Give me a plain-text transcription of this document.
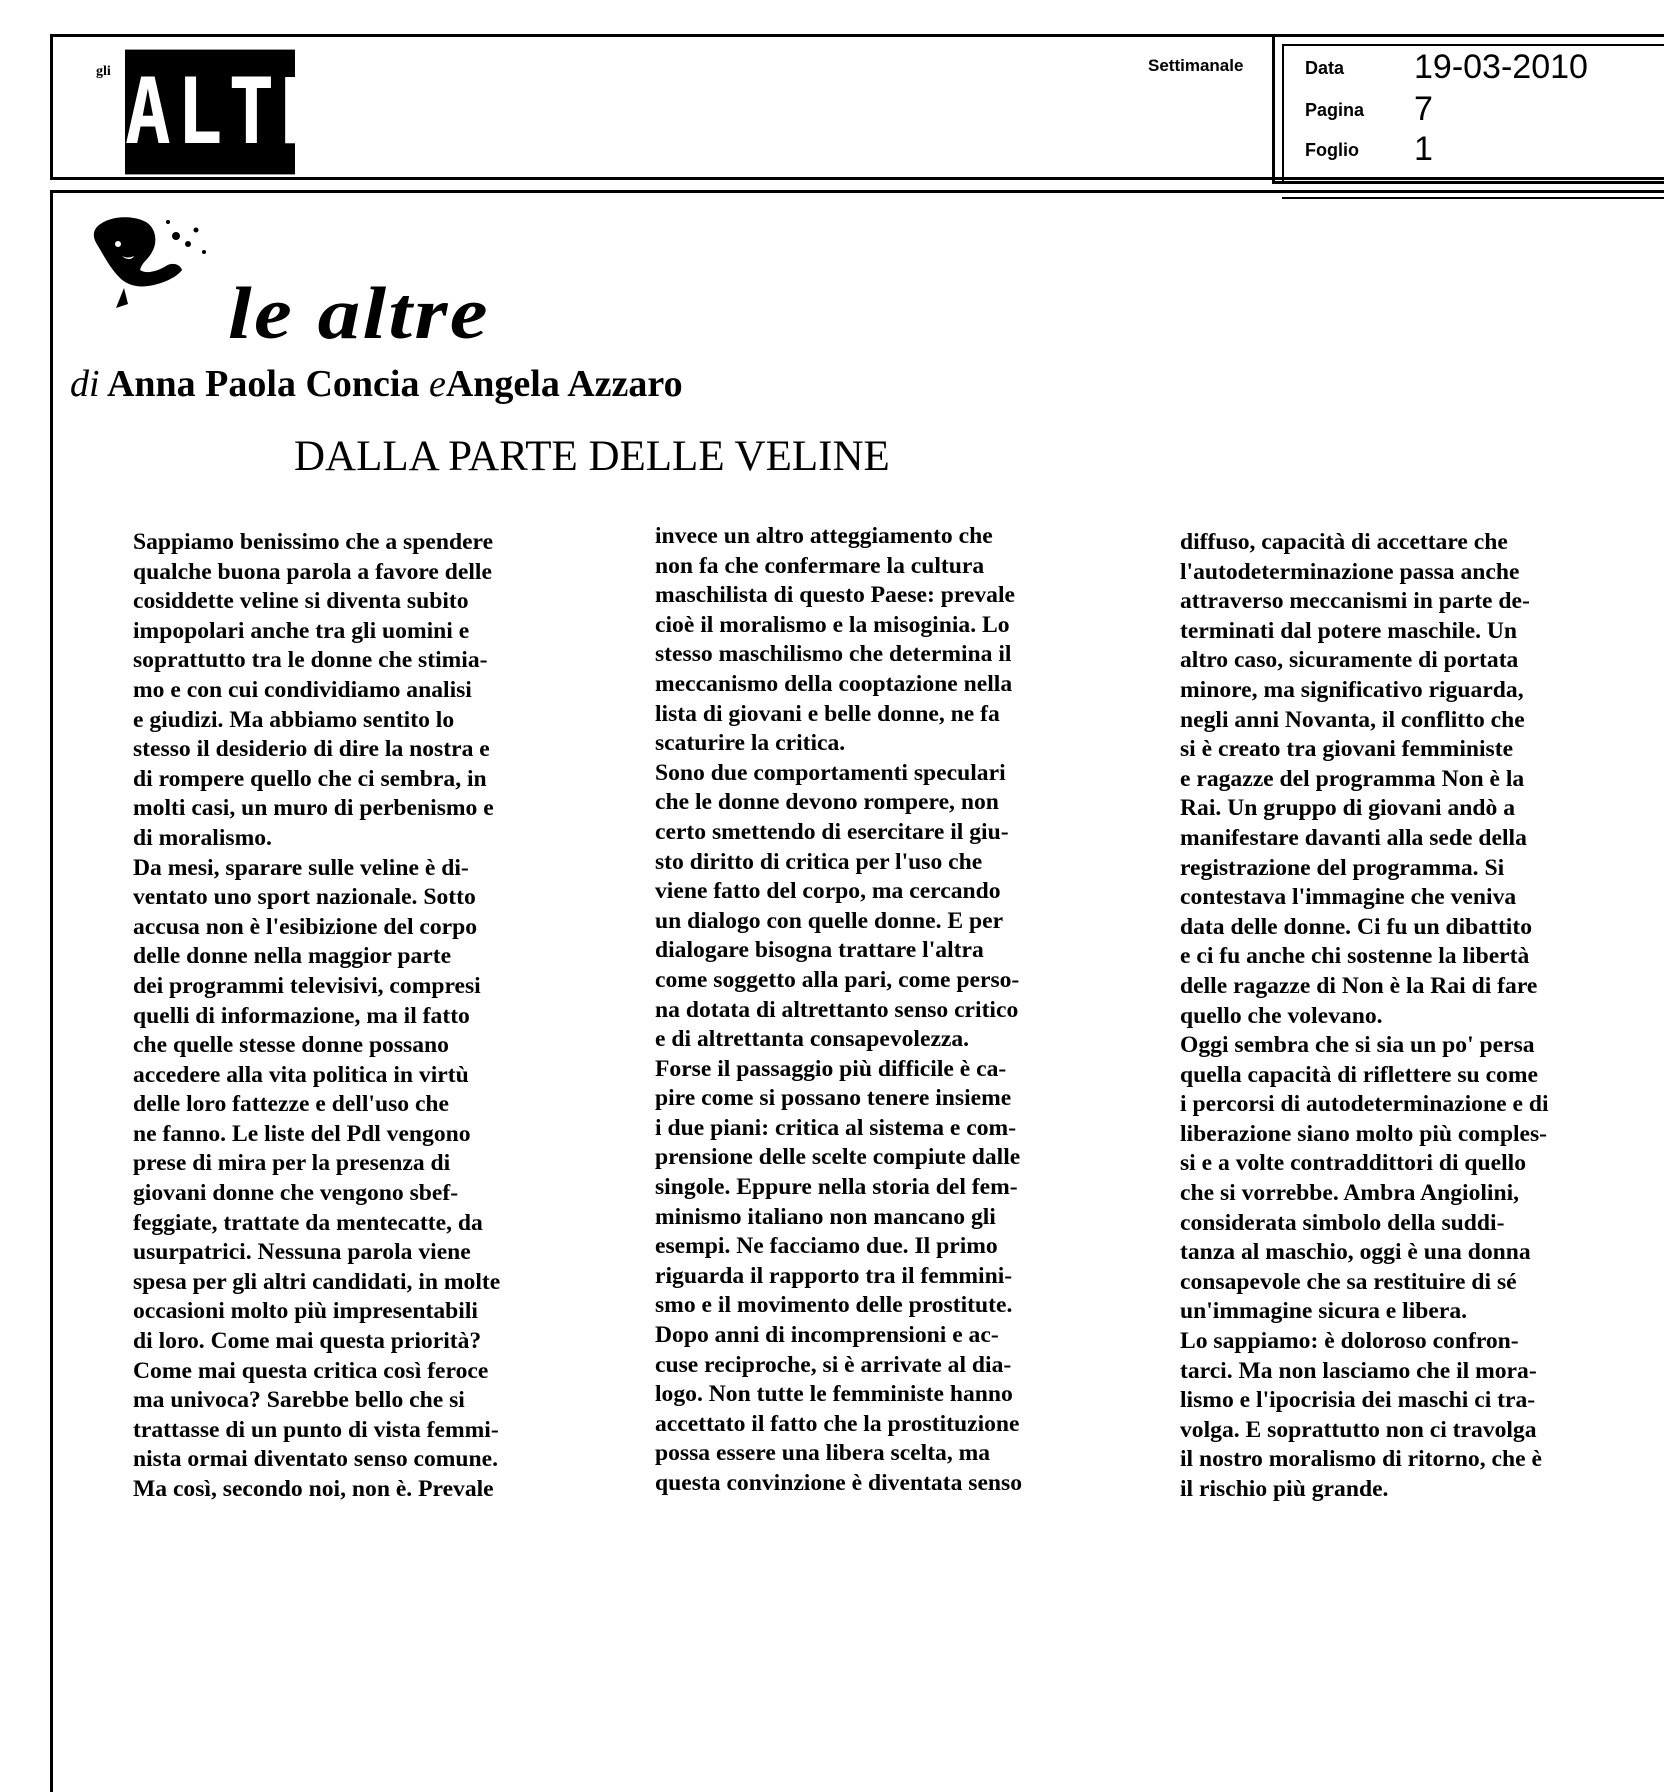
gli ALTRI	Settimanale	Data 19-03-2010
Pagina 7
Foglio 1
le altre
di Anna Paola Concia eAngela Azzaro
DALLA PARTE DELLE VELINE
Sappiamo benissimo che a spendere
qualche buona parola a favore delle
cosiddette veline si diventa subito
impopolari anche tra gli uomini e
soprattutto tra le donne che stimia-
mo e con cui condividiamo analisi
e giudizi. Ma abbiamo sentito lo
stesso il desiderio di dire la nostra e
di rompere quello che ci sembra, in
molti casi, un muro di perbenismo e
di moralismo.
Da mesi, sparare sulle veline è di-
ventato uno sport nazionale. Sotto
accusa non è l'esibizione del corpo
delle donne nella maggior parte
dei programmi televisivi, compresi
quelli di informazione, ma il fatto
che quelle stesse donne possano
accedere alla vita politica in virtù
delle loro fattezze e dell'uso che
ne fanno. Le liste del Pdl vengono
prese di mira per la presenza di
giovani donne che vengono sbef-
feggiate, trattate da mentecatte, da
usurpatrici. Nessuna parola viene
spesa per gli altri candidati, in molte
occasioni molto più impresentabili
di loro. Come mai questa priorità?
Come mai questa critica così feroce
ma univoca? Sarebbe bello che si
trattasse di un punto di vista femmi-
nista ormai diventato senso comune.
Ma così, secondo noi, non è. Prevale
invece un altro atteggiamento che
non fa che confermare la cultura
maschilista di questo Paese: prevale
cioè il moralismo e la misoginia. Lo
stesso maschilismo che determina il
meccanismo della cooptazione nella
lista di giovani e belle donne, ne fa
scaturire la critica.
Sono due comportamenti speculari
che le donne devono rompere, non
certo smettendo di esercitare il giu-
sto diritto di critica per l'uso che
viene fatto del corpo, ma cercando
un dialogo con quelle donne. E per
dialogare bisogna trattare l'altra
come soggetto alla pari, come perso-
na dotata di altrettanto senso critico
e di altrettanta consapevolezza.
Forse il passaggio più difficile è ca-
pire come si possano tenere insieme
i due piani: critica al sistema e com-
prensione delle scelte compiute dalle
singole. Eppure nella storia del fem-
minismo italiano non mancano gli
esempi. Ne facciamo due. Il primo
riguarda il rapporto tra il femmini-
smo e il movimento delle prostitute.
Dopo anni di incomprensioni e ac-
cuse reciproche, si è arrivate al dia-
logo. Non tutte le femministe hanno
accettato il fatto che la prostituzione
possa essere una libera scelta, ma
questa convinzione è diventata senso
diffuso, capacità di accettare che
l'autodeterminazione passa anche
attraverso meccanismi in parte de-
terminati dal potere maschile. Un
altro caso, sicuramente di portata
minore, ma significativo riguarda,
negli anni Novanta, il conflitto che
si è creato tra giovani femministe
e ragazze del programma Non è la
Rai. Un gruppo di giovani andò a
manifestare davanti alla sede della
registrazione del programma. Si
contestava l'immagine che veniva
data delle donne. Ci fu un dibattito
e ci fu anche chi sostenne la libertà
delle ragazze di Non è la Rai di fare
quello che volevano.
Oggi sembra che si sia un po' persa
quella capacità di riflettere su come
i percorsi di autodeterminazione e di
liberazione siano molto più comples-
si e a volte contraddittori di quello
che si vorrebbe. Ambra Angiolini,
considerata simbolo della suddi-
tanza al maschio, oggi è una donna
consapevole che sa restituire di sé
un'immagine sicura e libera.
Lo sappiamo: è doloroso confron-
tarci. Ma non lasciamo che il mora-
lismo e l'ipocrisia dei maschi ci tra-
volga. E soprattutto non ci travolga
il nostro moralismo di ritorno, che è
il rischio più grande.
